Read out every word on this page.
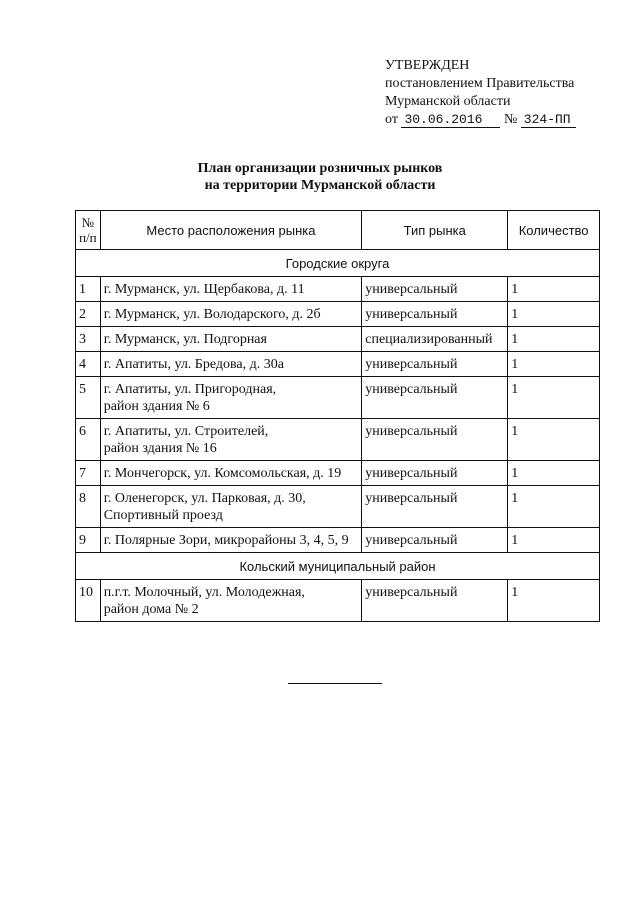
УТВЕРЖДЕН
постановлением Правительства
Мурманской области
от 30.06.2016 № 324-ПП
План организации розничных рынков
на территории Мурманской области
№
п/п	Место расположения рынка	Тип рынка	Количество
Городские округа			
1	г. Мурманск, ул. Щербакова, д. 11	универсальный	1
2	г. Мурманск, ул. Володарского, д. 2б	универсальный	1
3	г. Мурманск, ул. Подгорная	специализированный	1
4	г. Апатиты, ул. Бредова, д. 30а	универсальный	1
5	г. Апатиты, ул. Пригородная,
район здания № 6	универсальный	1
6	г. Апатиты, ул. Строителей,
район здания № 16	универсальный	1
7	г. Мончегорск, ул. Комсомольская, д. 19	универсальный	1
8	г. Оленегорск, ул. Парковая, д. 30,
Спортивный проезд	универсальный	1
9	г. Полярные Зори, микрорайоны 3, 4, 5, 9	универсальный	1
Кольский муниципальный район			
10	п.г.т. Молочный, ул. Молодежная,
район дома № 2	универсальный	1
